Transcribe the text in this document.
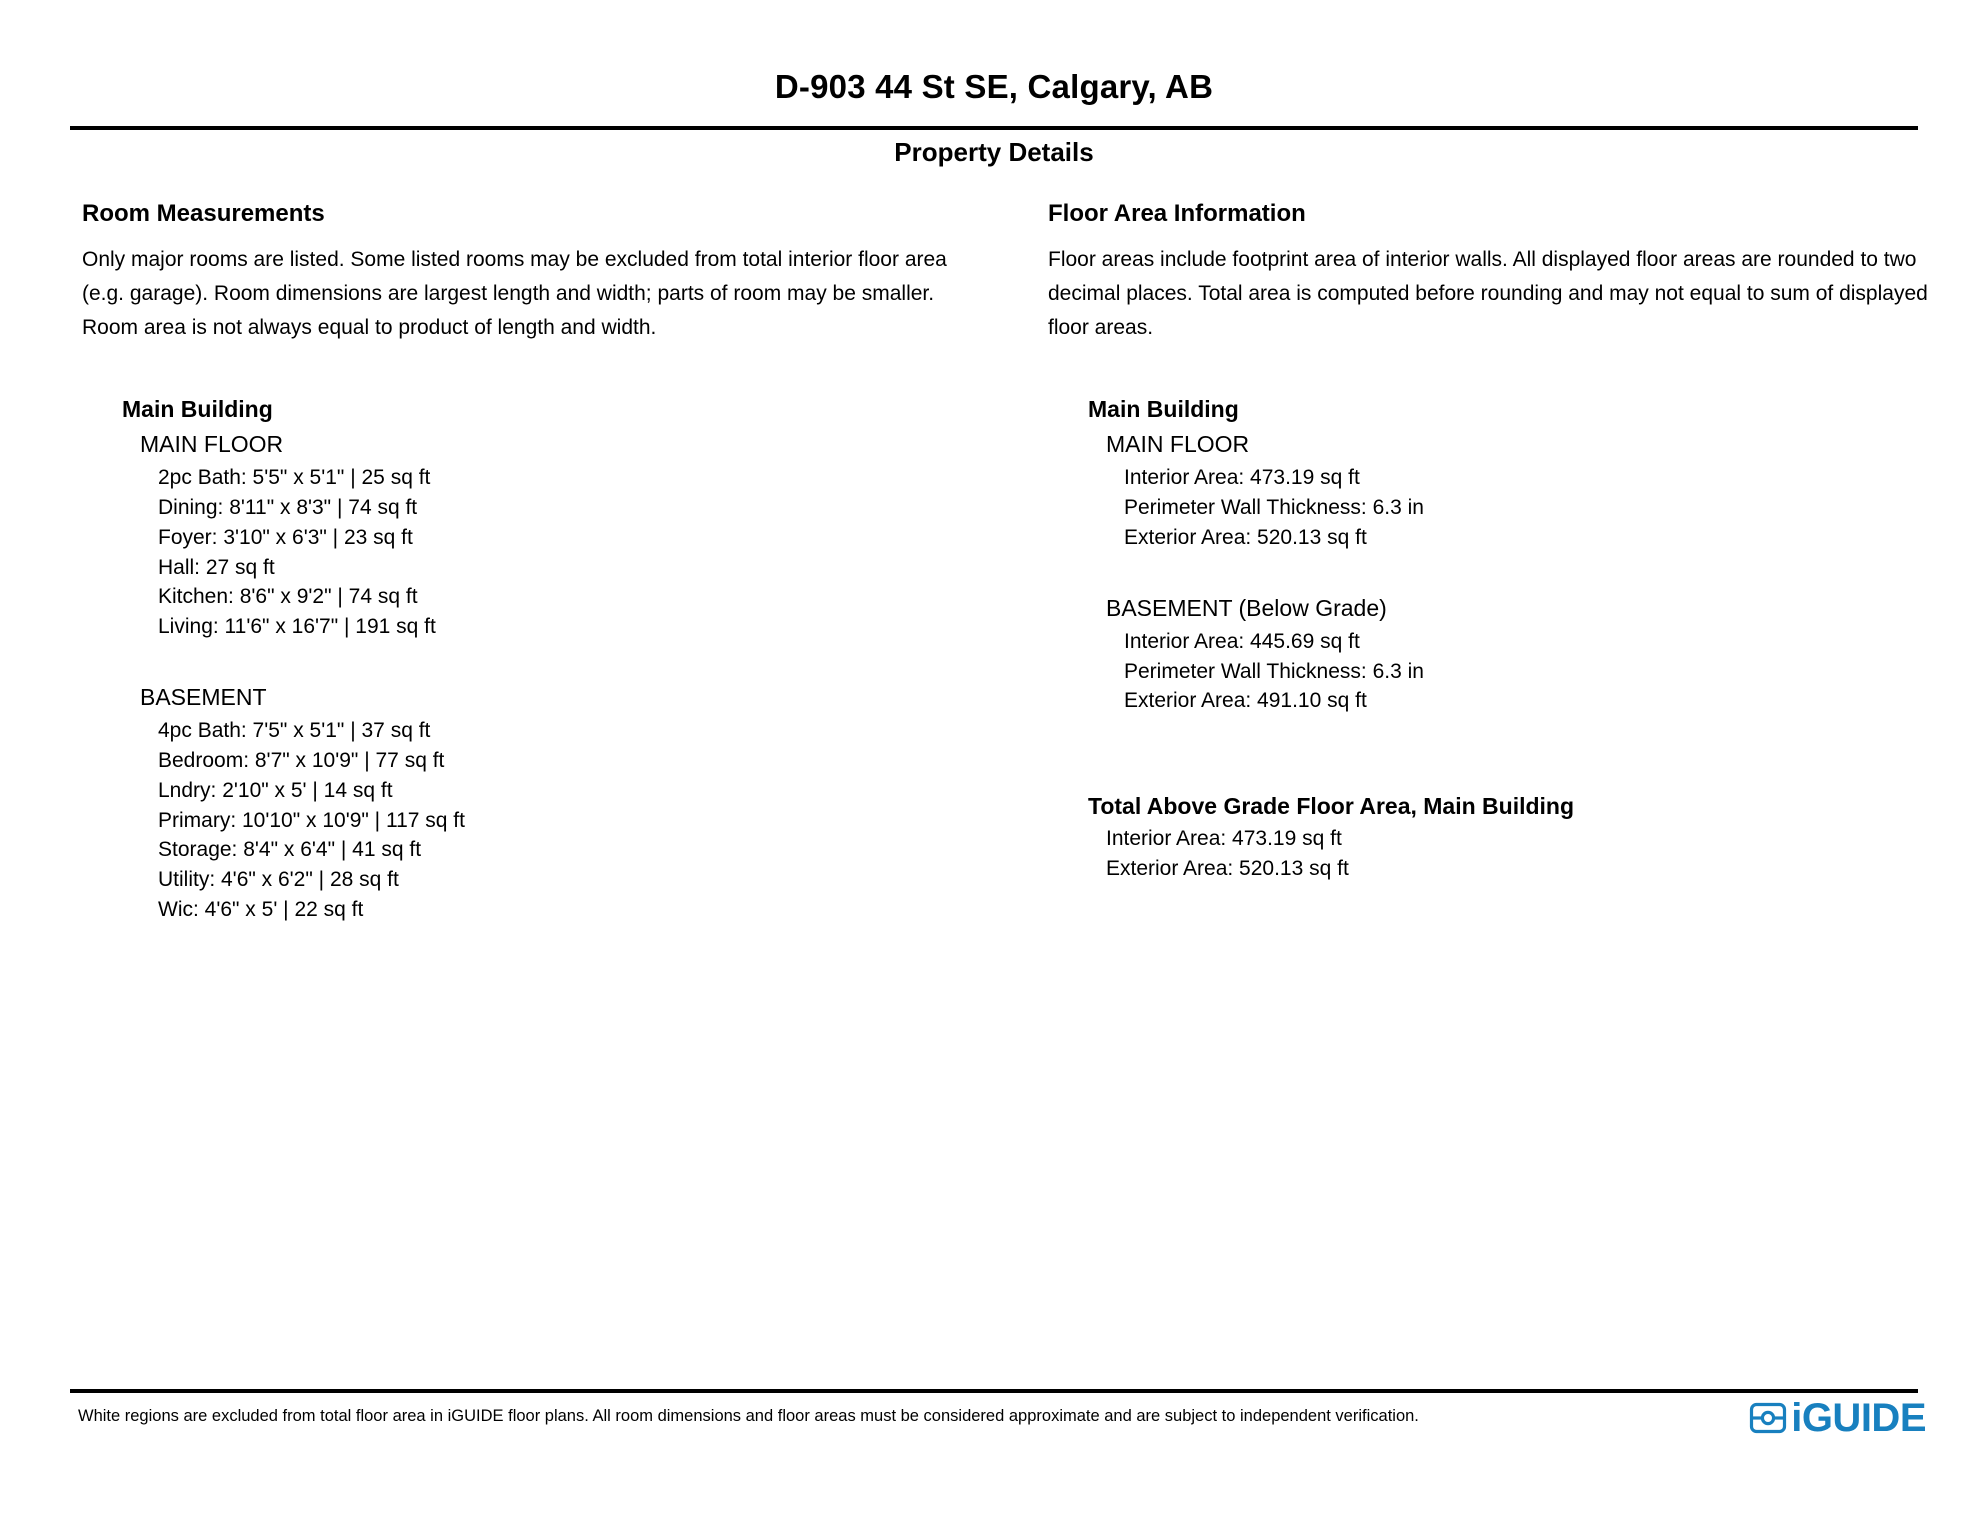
D-903 44 St SE, Calgary, AB
Property Details
Room Measurements

Only major rooms are listed. Some listed rooms may be excluded from total interior floor area (e.g. garage). Room dimensions are largest length and width; parts of room may be smaller. Room area is not always equal to product of length and width.

Main Building
MAIN FLOOR
2pc Bath: 5'5" x 5'1" | 25 sq ft
Dining: 8'11" x 8'3" | 74 sq ft
Foyer: 3'10" x 6'3" | 23 sq ft
Hall: 27 sq ft
Kitchen: 8'6" x 9'2" | 74 sq ft
Living: 11'6" x 16'7" | 191 sq ft
BASEMENT
4pc Bath: 7'5" x 5'1" | 37 sq ft
Bedroom: 8'7" x 10'9" | 77 sq ft
Lndry: 2'10" x 5' | 14 sq ft
Primary: 10'10" x 10'9" | 117 sq ft
Storage: 8'4" x 6'4" | 41 sq ft
Utility: 4'6" x 6'2" | 28 sq ft
Wic: 4'6" x 5' | 22 sq ft
Floor Area Information

Floor areas include footprint area of interior walls. All displayed floor areas are rounded to two decimal places. Total area is computed before rounding and may not equal to sum of displayed floor areas.

Main Building
MAIN FLOOR
Interior Area: 473.19 sq ft
Perimeter Wall Thickness: 6.3 in
Exterior Area: 520.13 sq ft
BASEMENT (Below Grade)
Interior Area: 445.69 sq ft
Perimeter Wall Thickness: 6.3 in
Exterior Area: 491.10 sq ft
Total Above Grade Floor Area, Main Building
Interior Area: 473.19 sq ft
Exterior Area: 520.13 sq ft
White regions are excluded from total floor area in iGUIDE floor plans. All room dimensions and floor areas must be considered approximate and are subject to independent verification.	iGUIDE
